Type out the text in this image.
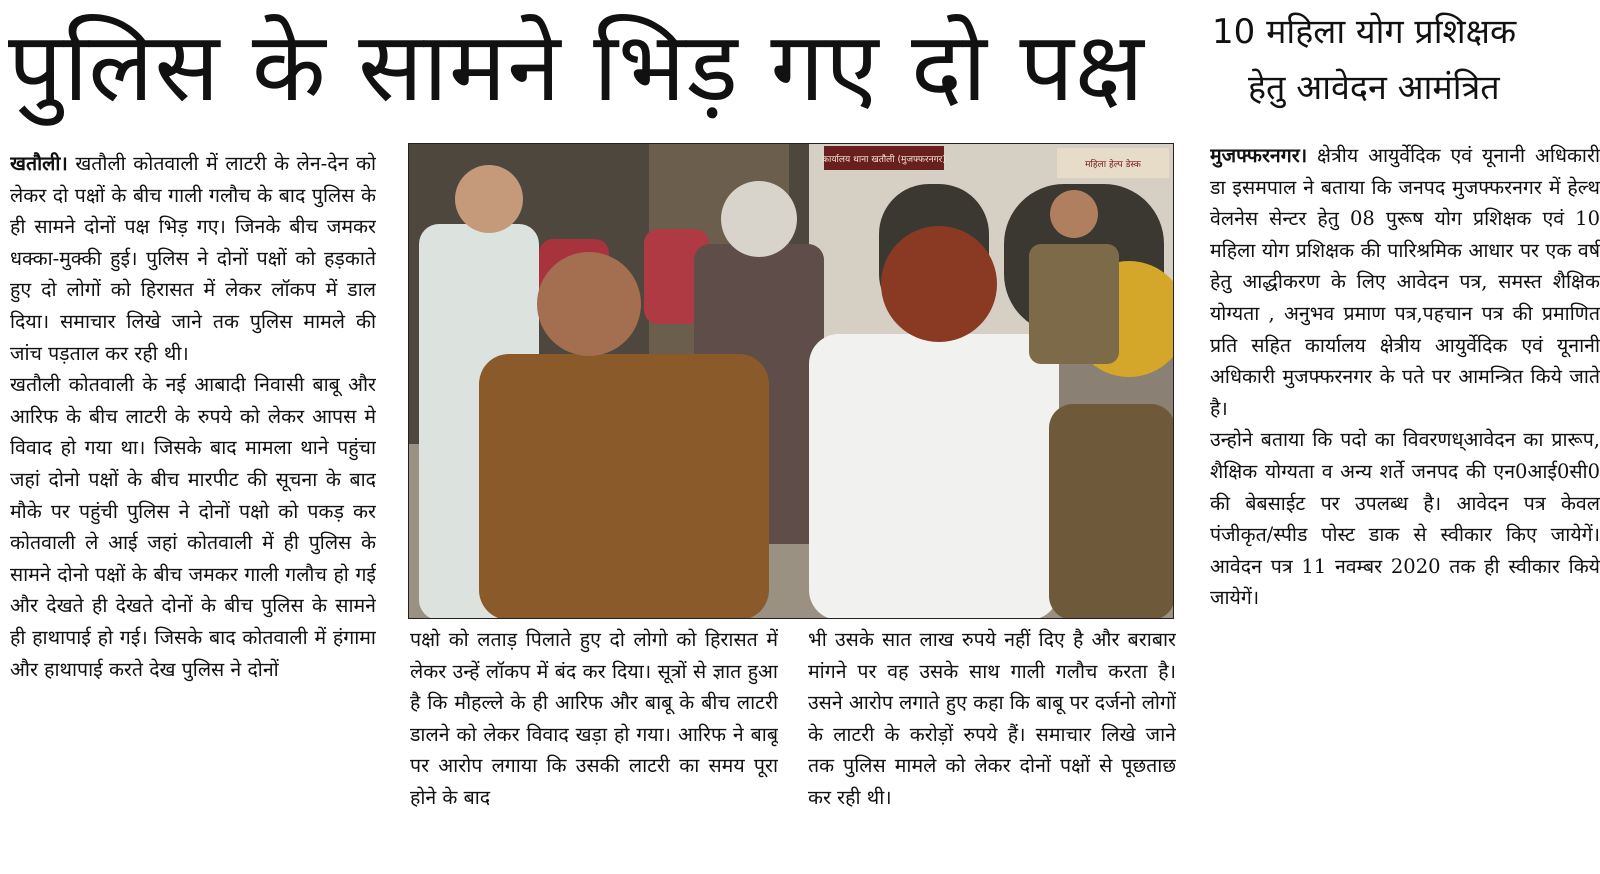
पुलिस के सामने भिड़ गए दो पक्ष	10 महिला योग प्रशिक्षक
हेतु आवेदन आमंत्रित

खतौली। खतौली कोतवाली में लाटरी के लेन-देन को लेकर दो पक्षों के बीच गाली गलौच के बाद पुलिस के ही सामने दोनों पक्ष भिड़ गए। जिनके बीच जमकर धक्का-मुक्की हुई। पुलिस ने दोनों पक्षों को हड़काते हुए दो लोगों को हिरासत में लेकर लॉकप में डाल दिया। समाचार लिखे जाने तक पुलिस मामले की जांच पड़ताल कर रही थी।

खतौली कोतवाली के नई आबादी निवासी बाबू और आरिफ के बीच लाटरी के रुपये को लेकर आपस मे विवाद हो गया था। जिसके बाद मामला थाने पहुंचा जहां दोनो पक्षों के बीच मारपीट की सूचना के बाद मौके पर पहुंची पुलिस ने दोनों पक्षो को पकड़ कर कोतवाली ले आई जहां कोतवाली में ही पुलिस के सामने दोनो पक्षों के बीच जमकर गाली गलौच हो गई और देखते ही देखते दोनों के बीच पुलिस के सामने ही हाथापाई हो गई। जिसके बाद कोतवाली में हंगामा और हाथापाई करते देख पुलिस ने दोनों

कार्यालय थाना खतौली (मुजफ्फरनगर)	महिला हेल्प डेस्क

पक्षो को लताड़ पिलाते हुए दो लोगो को हिरासत में लेकर उन्हें लॉकप में बंद कर दिया। सूत्रों से ज्ञात हुआ है कि मौहल्ले के ही आरिफ और बाबू के बीच लाटरी डालने को लेकर विवाद खड़ा हो गया। आरिफ ने बाबू पर आरोप लगाया कि उसकी लाटरी का समय पूरा होने के बाद

भी उसके सात लाख रुपये नहीं दिए है और बराबार मांगने पर वह उसके साथ गाली गलौच करता है। उसने आरोप लगाते हुए कहा कि बाबू पर दर्जनो लोगों के लाटरी के करोड़ों रुपये हैं। समाचार लिखे जाने तक पुलिस मामले को लेकर दोनों पक्षों से पूछताछ कर रही थी।

मुजफ्फरनगर। क्षेत्रीय आयुर्वेदिक एवं यूनानी अधिकारी डा इसमपाल ने बताया कि जनपद मुजफ्फरनगर में हेल्थ वेलनेस सेन्टर हेतु 08 पुरूष योग प्रशिक्षक एवं 10 महिला योग प्रशिक्षक की पारिश्रमिक आधार पर एक वर्ष हेतु आद्धीकरण के लिए आवेदन पत्र, समस्त शैक्षिक योग्यता , अनुभव प्रमाण पत्र,पहचान पत्र की प्रमाणित प्रति सहित कार्यालय क्षेत्रीय आयुर्वेदिक एवं यूनानी अधिकारी मुजफ्फरनगर के पते पर आमन्त्रित किये जाते है।

उन्होने बताया कि पदो का विवरणध्आवेदन का प्रारूप, शैक्षिक योग्यता व अन्य शर्ते जनपद की एन0आई0सी0 की बेबसाईट पर उपलब्ध है। आवेदन पत्र केवल पंजीकृत/स्पीड पोस्ट डाक से स्वीकार किए जायेगें। आवेदन पत्र 11 नवम्बर 2020 तक ही स्वीकार किये जायेगें।
